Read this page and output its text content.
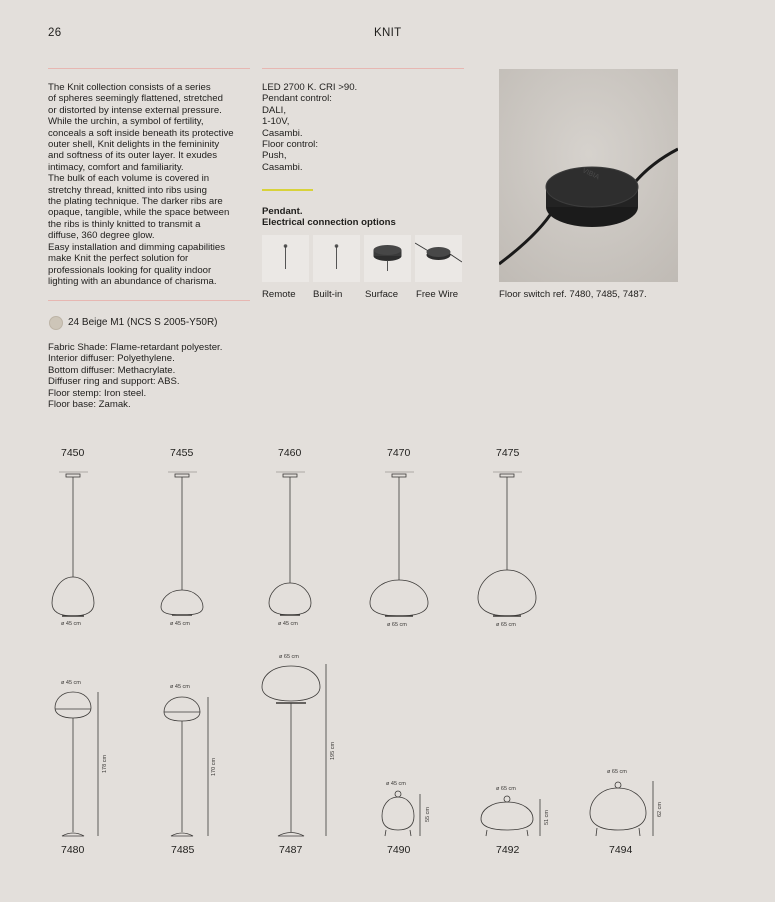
26	KNIT
The Knit collection consists of a series
of spheres seemingly flattened, stretched
or distorted by intense external pressure.
While the urchin, a symbol of fertility,
conceals a soft inside beneath its protective
outer shell, Knit delights in the femininity
and softness of its outer layer. It exudes
intimacy, comfort and familiarity.
The bulk of each volume is covered in
stretchy thread, knitted into ribs using
the plating technique. The darker ribs are
opaque, tangible, while the space between
the ribs is thinly knitted to transmit a
diffuse, 360 degree glow.
Easy installation and dimming capabilities
make Knit the perfect solution for
professionals looking for quality indoor
lighting with an abundance of charisma.
LED 2700 K. CRI >90.
Pendant control:
DALI,
1-10V,
Casambi.
Floor control:
Push,
Casambi.
Pendant.
Electrical connection options
Remote Built-in Surface Free Wire
VIBIA
Floor switch ref. 7480, 7485, 7487.
24 Beige M1 (NCS S 2005-Y50R)
Fabric Shade: Flame-retardant polyester.
Interior diffuser: Polyethylene.
Bottom diffuser: Methacrylate.
Diffuser ring and support: ABS.
Floor stemp: Iron steel.
Floor base: Zamak.
7450	7455	7460	7470	7475
ø 45 cm	ø 45 cm	ø 45 cm	ø 65 cm	ø 65 cm
ø 45 cm
ø 45 cm
ø 65 cm
ø 45 cm
ø 65 cm
ø 65 cm
178 cm	170 cm
195 cm
55 cm	51 cm
62 cm
7480	7485	7487	7490	7492	7494
